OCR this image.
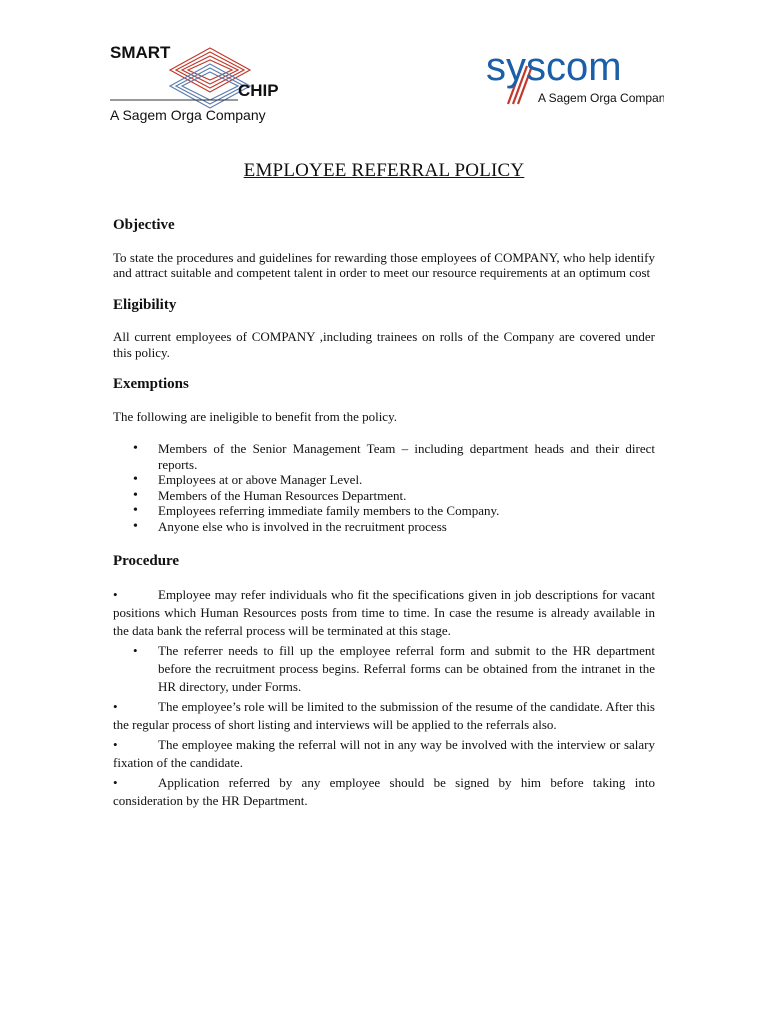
SMART
CHIP
A Sagem Orga Company
syscom
A Sagem Orga Company
EMPLOYEE REFERRAL POLICY
Objective

To state the procedures and guidelines for rewarding those employees of COMPANY, who help identify and attract suitable and competent talent in order to meet our resource requirements at an optimum cost

Eligibility

All current employees of COMPANY ,including trainees on rolls of the Company are covered under this policy.

Exemptions

The following are ineligible to benefit from the policy.

• Members of the Senior Management Team – including department heads and their direct reports.
• Employees at or above Manager Level.
• Members of the Human Resources Department.
• Employees referring immediate family members to the Company.
• Anyone else who is involved in the recruitment process
Procedure
•	Employee may refer individuals who fit the specifications given in job descriptions for vacant positions which Human Resources posts from time to time. In case the resume is already available in the data bank the referral process will be terminated at this stage.
• The referrer needs to fill up the employee referral form and submit to the HR department before the recruitment process begins. Referral forms can be obtained from the intranet in the HR directory, under Forms.
•	The employee’s role will be limited to the submission of the resume of the candidate. After this the regular process of short listing and interviews will be applied to the referrals also.
•	The employee making the referral will not in any way be involved with the interview or salary fixation of the candidate.
•	Application referred by any employee should be signed by him before taking into consideration by the HR Department.
